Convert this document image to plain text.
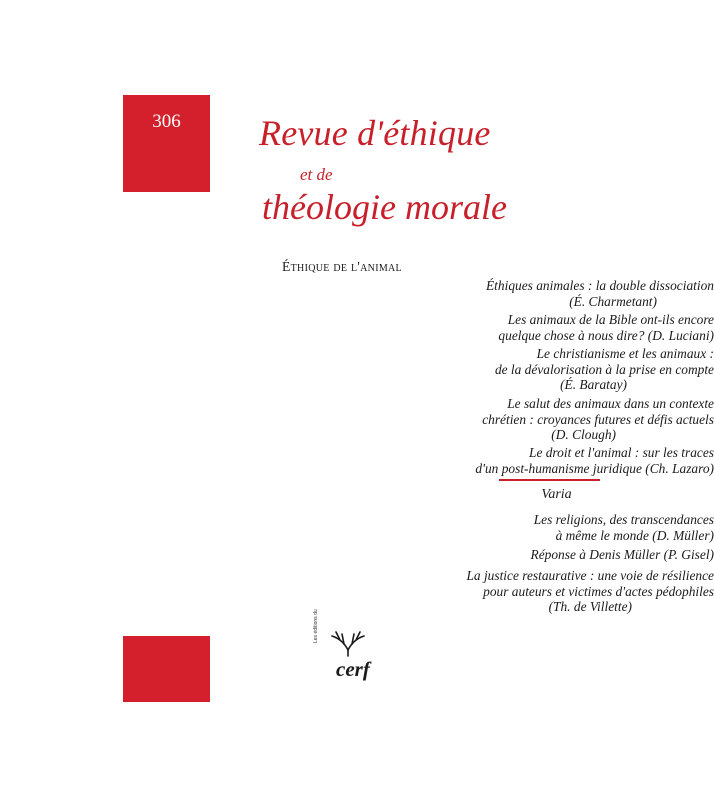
306	Revue d'éthique
et de
théologie morale
Éthique de l'animal
Éthiques animales : la double dissociation
(É. Charmetant)
Les animaux de la Bible ont-ils encore
quelque chose à nous dire? (D. Luciani)
Le christianisme et les animaux :
de la dévalorisation à la prise en compte
(É. Baratay)
Le salut des animaux dans un contexte
chrétien : croyances futures et défis actuels
(D. Clough)
Le droit et l'animal : sur les traces
d'un post-humanisme juridique (Ch. Lazaro)
Varia
Les religions, des transcendances
à même le monde (D. Müller)
Réponse à Denis Müller (P. Gisel)
La justice restaurative : une voie de résilience
pour auteurs et victimes d'actes pédophiles
(Th. de Villette)
Les éditions du
cerf
